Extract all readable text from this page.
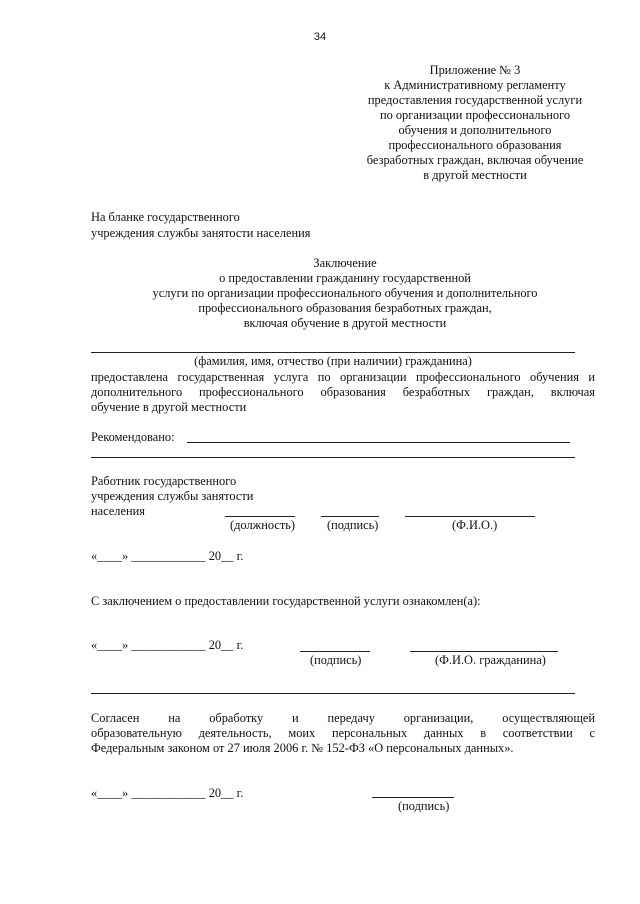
34
Приложение № 3
к Административному регламенту
предоставления государственной услуги
по организации профессионального
обучения и дополнительного
профессионального образования
безработных граждан, включая обучение
в другой местности
На бланке государственного
учреждения службы занятости населения
Заключение
о предоставлении гражданину государственной
услуги по организации профессионального обучения и дополнительного
профессионального образования безработных граждан,
включая обучение в другой местности
(фамилия, имя, отчество (при наличии) гражданина)
предоставлена государственная услуга по организации профессионального обучения и
дополнительного профессионального образования безработных граждан, включая
обучение в другой местности
Рекомендовано:
Работник государственного
учреждения службы занятости
населения
(должность)	(подпись)	(Ф.И.О.)
«____» ____________ 20__ г.
С заключением о предоставлении государственной услуги ознакомлен(а):
«____» ____________ 20__ г.
(подпись)	(Ф.И.О. гражданина)
Согласен на обработку и передачу организации, осуществляющей
образовательную деятельность, моих персональных данных в соответствии с
Федеральным законом от 27 июля 2006 г. № 152-ФЗ «О персональных данных».
«____» ____________ 20__ г.
(подпись)
